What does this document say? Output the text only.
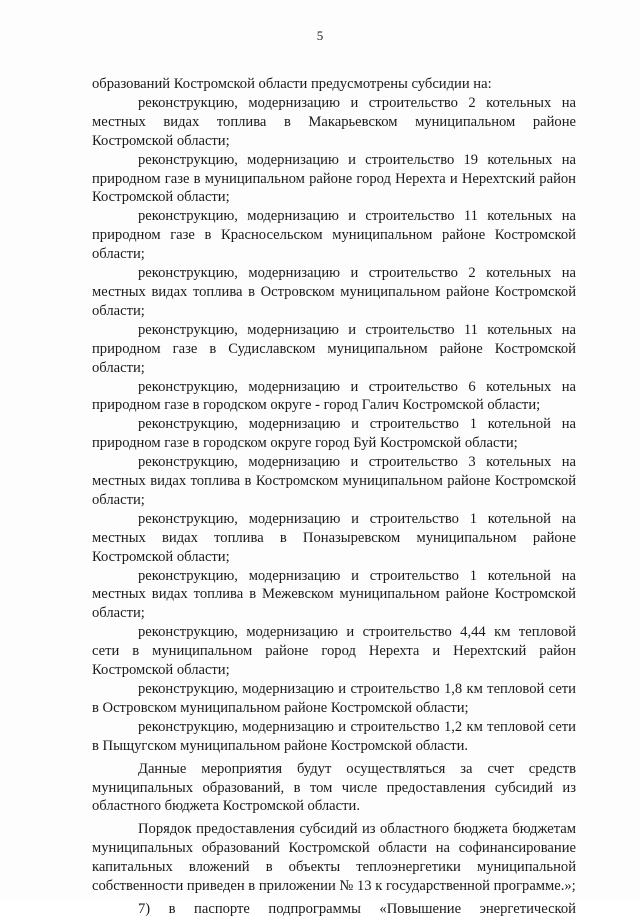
5

образований Костромской области предусмотрены субсидии на:

реконструкцию, модернизацию и строительство 2 котельных на местных видах топлива в Макарьевском муниципальном районе Костромской области;

реконструкцию, модернизацию и строительство 19 котельных на природном газе в муниципальном районе город Нерехта и Нерехтский район Костромской области;

реконструкцию, модернизацию и строительство 11 котельных на природном газе в Красносельском муниципальном районе Костромской области;

реконструкцию, модернизацию и строительство 2 котельных на местных видах топлива в Островском муниципальном районе Костромской области;

реконструкцию, модернизацию и строительство 11 котельных на природном газе в Судиславском муниципальном районе Костромской области;

реконструкцию, модернизацию и строительство 6 котельных на природном газе в городском округе - город Галич Костромской области;

реконструкцию, модернизацию и строительство 1 котельной на природном газе в городском округе город Буй Костромской области;

реконструкцию, модернизацию и строительство 3 котельных на местных видах топлива в Костромском муниципальном районе Костромской области;

реконструкцию, модернизацию и строительство 1 котельной на местных видах топлива в Поназыревском муниципальном районе Костромской области;

реконструкцию, модернизацию и строительство 1 котельной на местных видах топлива в Межевском муниципальном районе Костромской области;

реконструкцию, модернизацию и строительство 4,44 км тепловой сети в муниципальном районе город Нерехта и Нерехтский район Костромской области;

реконструкцию, модернизацию и строительство 1,8 км тепловой сети в Островском муниципальном районе Костромской области;

реконструкцию, модернизацию и строительство 1,2 км тепловой сети в Пыщугском муниципальном районе Костромской области.

Данные мероприятия будут осуществляться за счет средств муниципальных образований, в том числе предоставления субсидий из областного бюджета Костромской области.

Порядок предоставления субсидий из областного бюджета бюджетам муниципальных образований Костромской области на софинансирование капитальных вложений в объекты теплоэнергетики муниципальной собственности приведен в приложении № 13 к государственной программе.»;

7) в паспорте подпрограммы «Повышение энергетической
